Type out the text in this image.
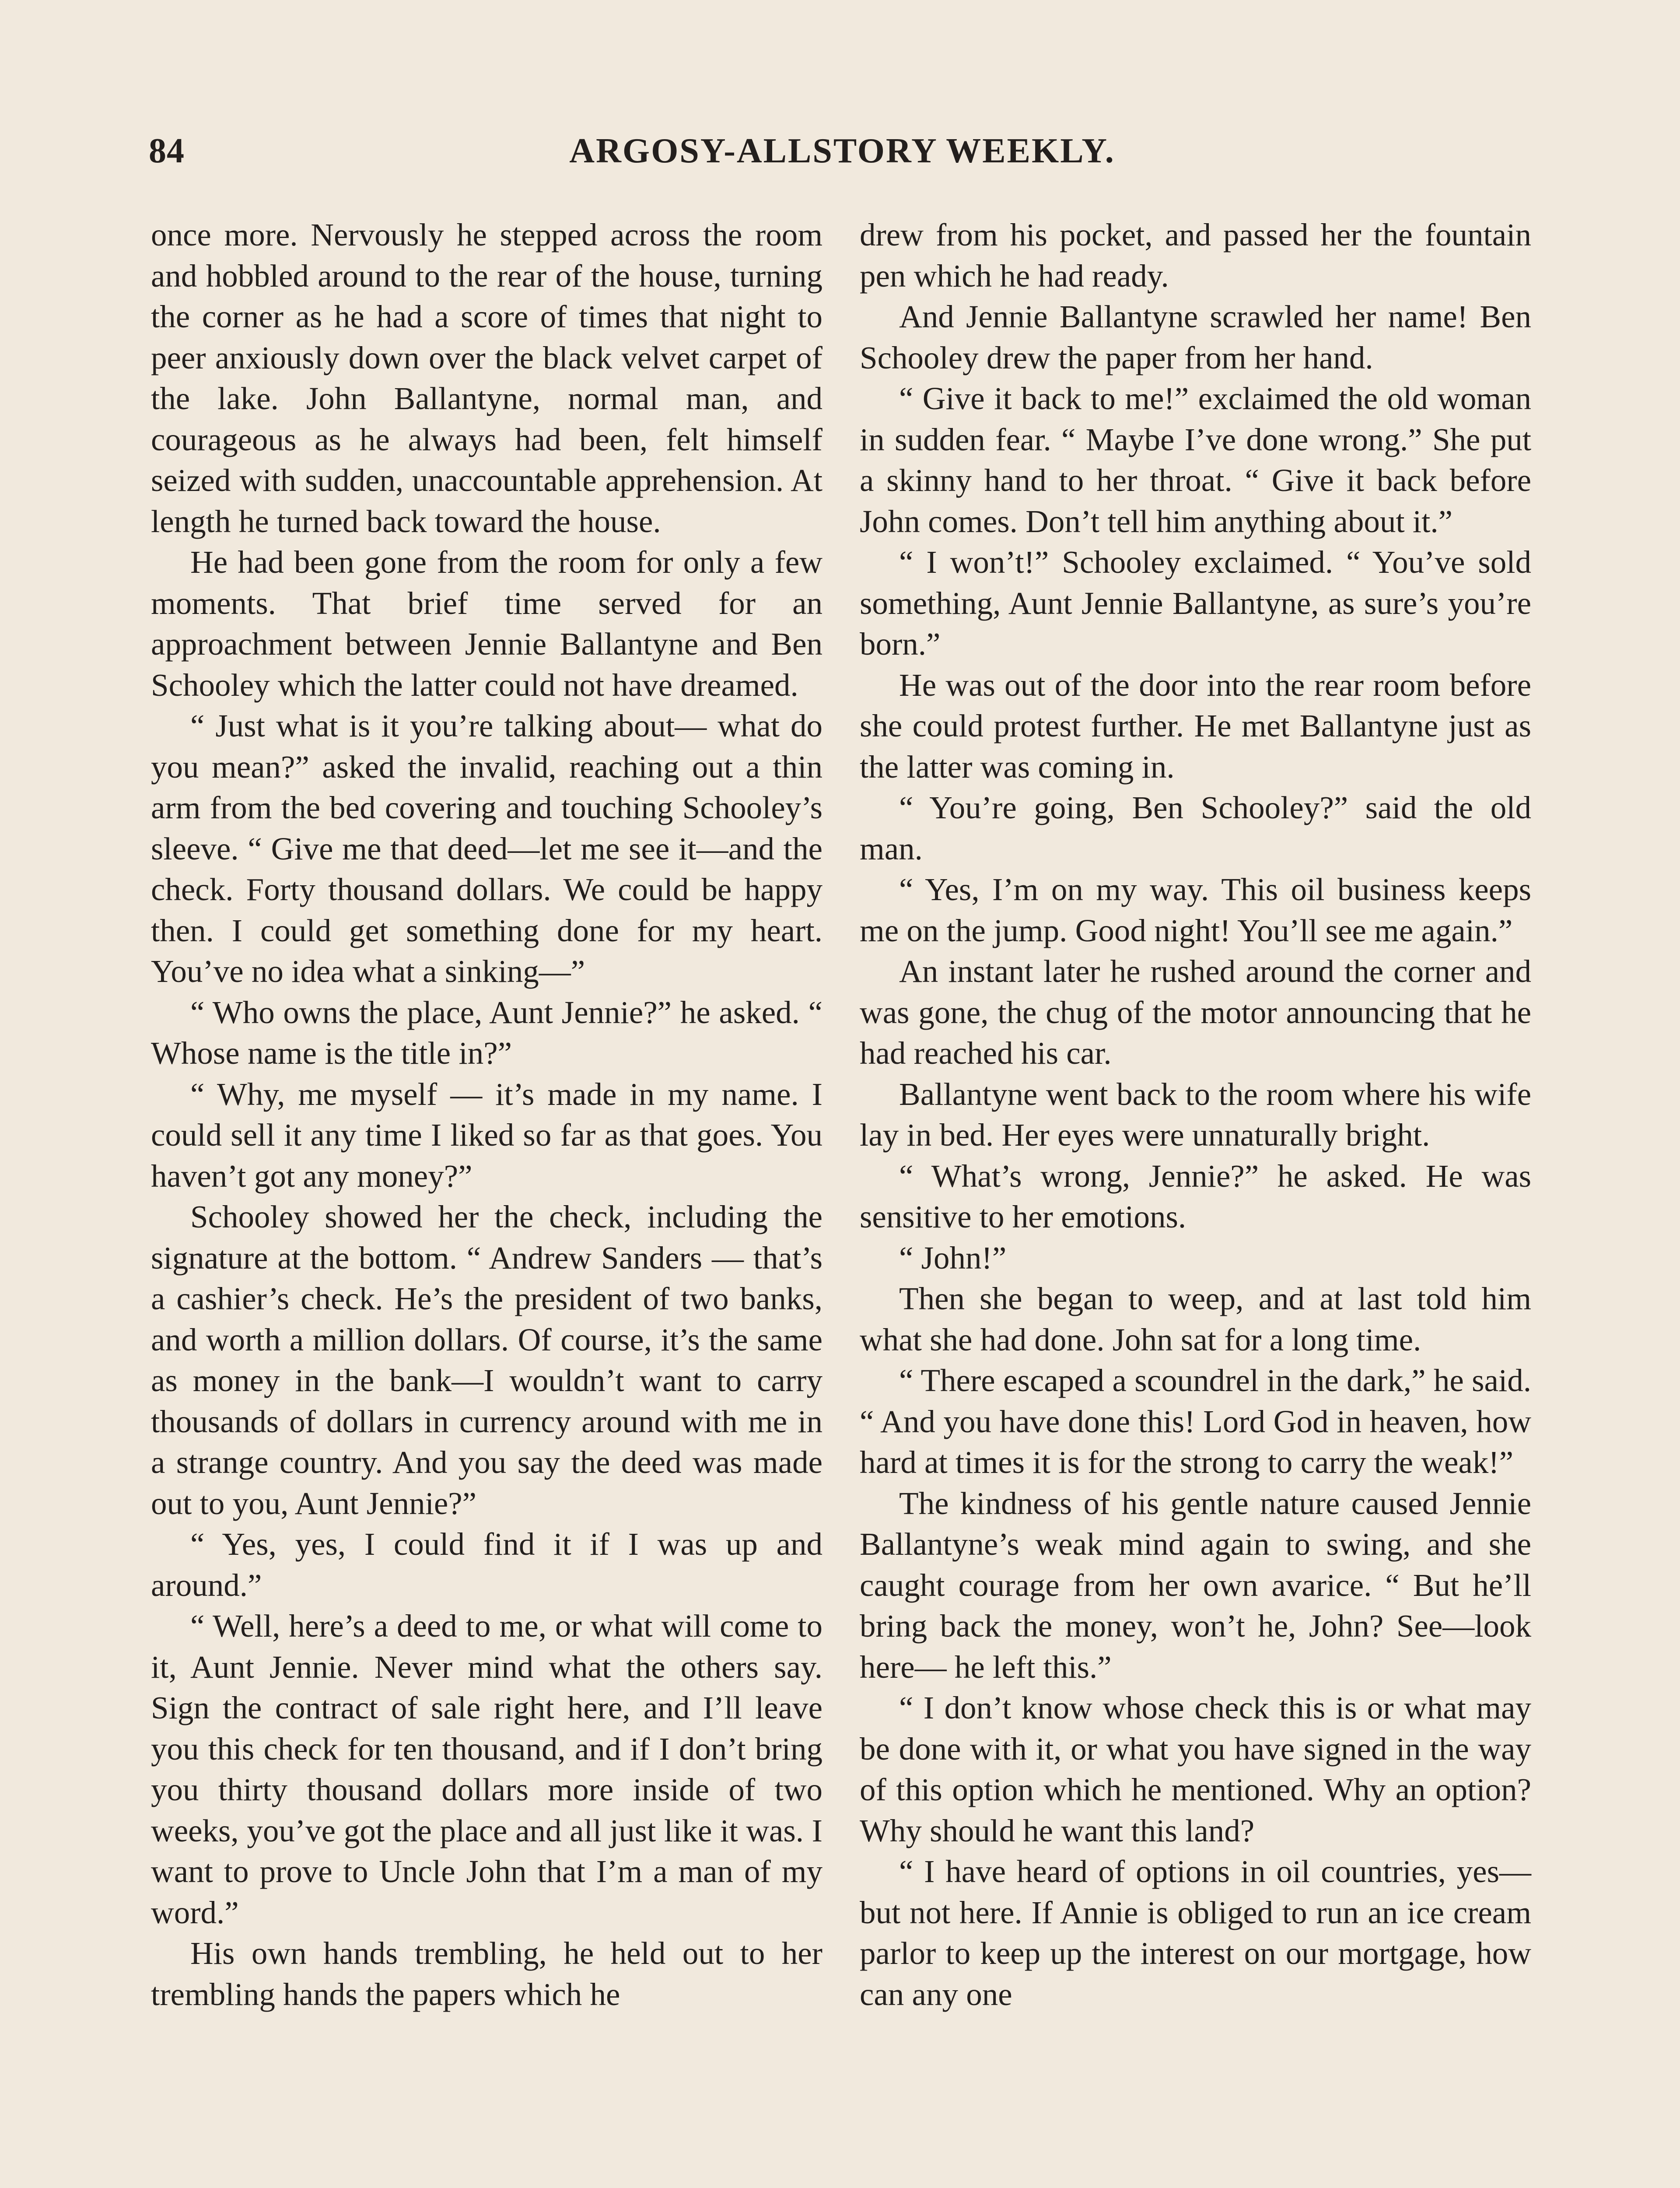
84	ARGOSY-ALLSTORY WEEKLY.

once more. Nervously he stepped across the room and hobbled around to the rear of the house, turning the corner as he had a score of times that night to peer anxiously down over the black velvet carpet of the lake. John Ballantyne, normal man, and courageous as he always had been, felt himself seized with sudden, unaccountable apprehension. At length he turned back toward the house.

He had been gone from the room for only a few moments. That brief time served for an approachment between Jennie Ballantyne and Ben Schooley which the latter could not have dreamed.

“ Just what is it you’re talking about— what do you mean?” asked the invalid, reaching out a thin arm from the bed covering and touching Schooley’s sleeve. “ Give me that deed—let me see it—and the check. Forty thousand dollars. We could be happy then. I could get something done for my heart. You’ve no idea what a sinking—”

“ Who owns the place, Aunt Jennie?” he asked. “ Whose name is the title in?”

“ Why, me myself — it’s made in my name. I could sell it any time I liked so far as that goes. You haven’t got any money?”

Schooley showed her the check, including the signature at the bottom. “ Andrew Sanders — that’s a cashier’s check. He’s the president of two banks, and worth a million dollars. Of course, it’s the same as money in the bank—I wouldn’t want to carry thousands of dollars in currency around with me in a strange country. And you say the deed was made out to you, Aunt Jennie?”

“ Yes, yes, I could find it if I was up and around.”

“ Well, here’s a deed to me, or what will come to it, Aunt Jennie. Never mind what the others say. Sign the contract of sale right here, and I’ll leave you this check for ten thousand, and if I don’t bring you thirty thousand dollars more inside of two weeks, you’ve got the place and all just like it was. I want to prove to Uncle John that I’m a man of my word.”

His own hands trembling, he held out to her trembling hands the papers which he

drew from his pocket, and passed her the fountain pen which he had ready.

And Jennie Ballantyne scrawled her name! Ben Schooley drew the paper from her hand.

“ Give it back to me!” exclaimed the old woman in sudden fear. “ Maybe I’ve done wrong.” She put a skinny hand to her throat. “ Give it back before John comes. Don’t tell him anything about it.”

“ I won’t!” Schooley exclaimed. “ You’ve sold something, Aunt Jennie Ballantyne, as sure’s you’re born.”

He was out of the door into the rear room before she could protest further. He met Ballantyne just as the latter was coming in.

“ You’re going, Ben Schooley?” said the old man.

“ Yes, I’m on my way. This oil business keeps me on the jump. Good night! You’ll see me again.”

An instant later he rushed around the corner and was gone, the chug of the motor announcing that he had reached his car.

Ballantyne went back to the room where his wife lay in bed. Her eyes were unnaturally bright.

“ What’s wrong, Jennie?” he asked. He was sensitive to her emotions.

“ John!”

Then she began to weep, and at last told him what she had done. John sat for a long time.

“ There escaped a scoundrel in the dark,” he said. “ And you have done this! Lord God in heaven, how hard at times it is for the strong to carry the weak!”

The kindness of his gentle nature caused Jennie Ballantyne’s weak mind again to swing, and she caught courage from her own avarice. “ But he’ll bring back the money, won’t he, John? See—look here— he left this.”

“ I don’t know whose check this is or what may be done with it, or what you have signed in the way of this option which he mentioned. Why an option? Why should he want this land?

“ I have heard of options in oil countries, yes—but not here. If Annie is obliged to run an ice cream parlor to keep up the interest on our mortgage, how can any one
